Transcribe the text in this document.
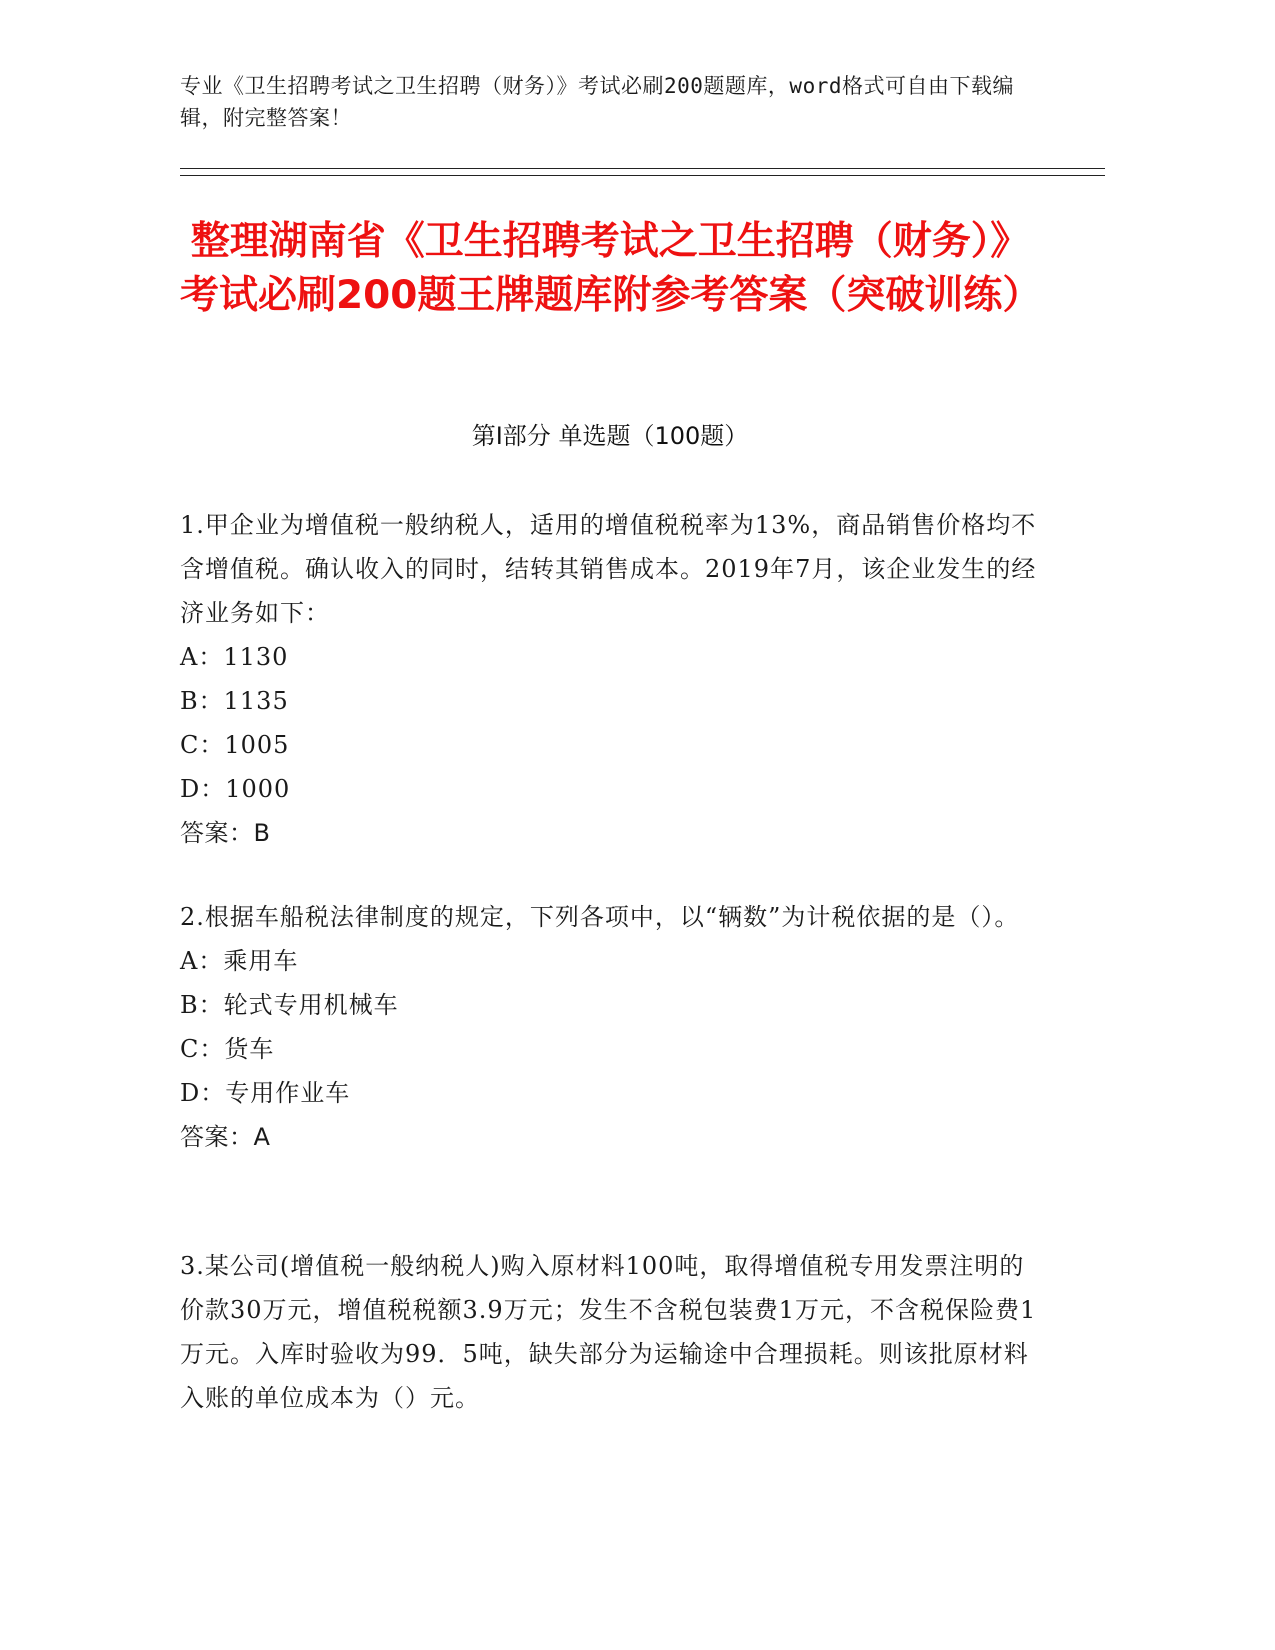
专业《卫生招聘考试之卫生招聘（财务）》考试必刷200题题库，word格式可自由下载编辑，附完整答案！
整理湖南省《卫生招聘考试之卫生招聘（财务）》考试必刷200题王牌题库附参考答案（突破训练）
第Ⅰ部分 单选题（100题）
1.甲企业为增值税一般纳税人，适用的增值税税率为13%，商品销售价格均不含增值税。确认收入的同时，结转其销售成本。2019年7月，该企业发生的经济业务如下：
A：1130
B：1135
C：1005
D：1000
答案：B
2.根据车船税法律制度的规定，下列各项中，以“辆数”为计税依据的是（）。
A：乘用车
B：轮式专用机械车
C：货车
D：专用作业车
答案：A
3.某公司(增值税一般纳税人)购入原材料100吨，取得增值税专用发票注明的价款30万元，增值税税额3.9万元；发生不含税包装费1万元，不含税保险费1万元。入库时验收为99．5吨，缺失部分为运输途中合理损耗。则该批原材料入账的单位成本为（）元。
